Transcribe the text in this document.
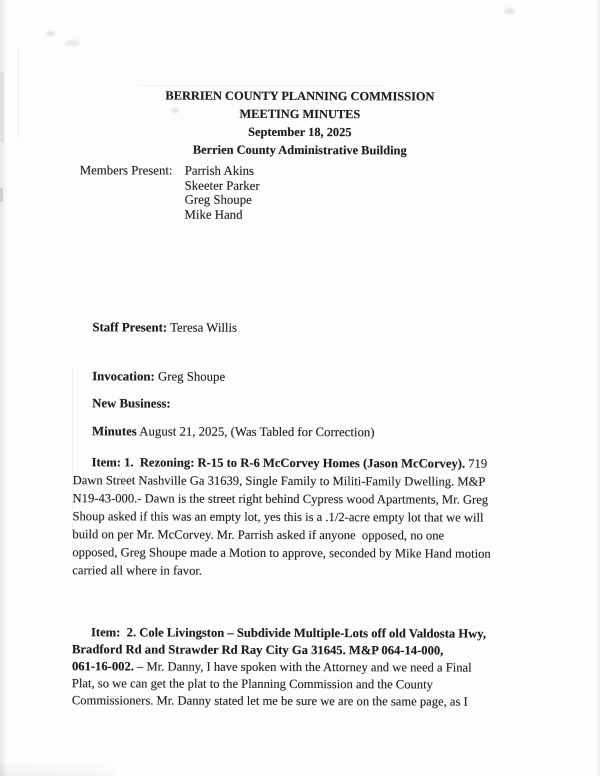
BERRIEN COUNTY PLANNING COMMISSION
MEETING MINUTES
September 18, 2025
Berrien County Administrative Building
Members Present: Parrish Akins
Skeeter Parker
Greg Shoupe
Mike Hand

Staff Present: Teresa Willis

Invocation: Greg Shoupe

New Business:

Minutes August 21, 2025, (Was Tabled for Correction)

Item: 1.  Rezoning: R-15 to R-6 McCorvey Homes (Jason McCorvey). 719
Dawn Street Nashville Ga 31639, Single Family to Militi-Family Dwelling. M&P
N19-43-000.- Dawn is the street right behind Cypress wood Apartments, Mr. Greg
Shoup asked if this was an empty lot, yes this is a .1/2-acre empty lot that we will
build on per Mr. McCorvey. Mr. Parrish asked if anyone  opposed, no one
opposed, Greg Shoupe made a Motion to approve, seconded by Mike Hand motion
carried all where in favor.

Item:  2. Cole Livingston – Subdivide Multiple-Lots off old Valdosta Hwy,
Bradford Rd and Strawder Rd Ray City Ga 31645. M&P 064-14-000,
061-16-002. – Mr. Danny, I have spoken with the Attorney and we need a Final
Plat, so we can get the plat to the Planning Commission and the County
Commissioners. Mr. Danny stated let me be sure we are on the same page, as I
